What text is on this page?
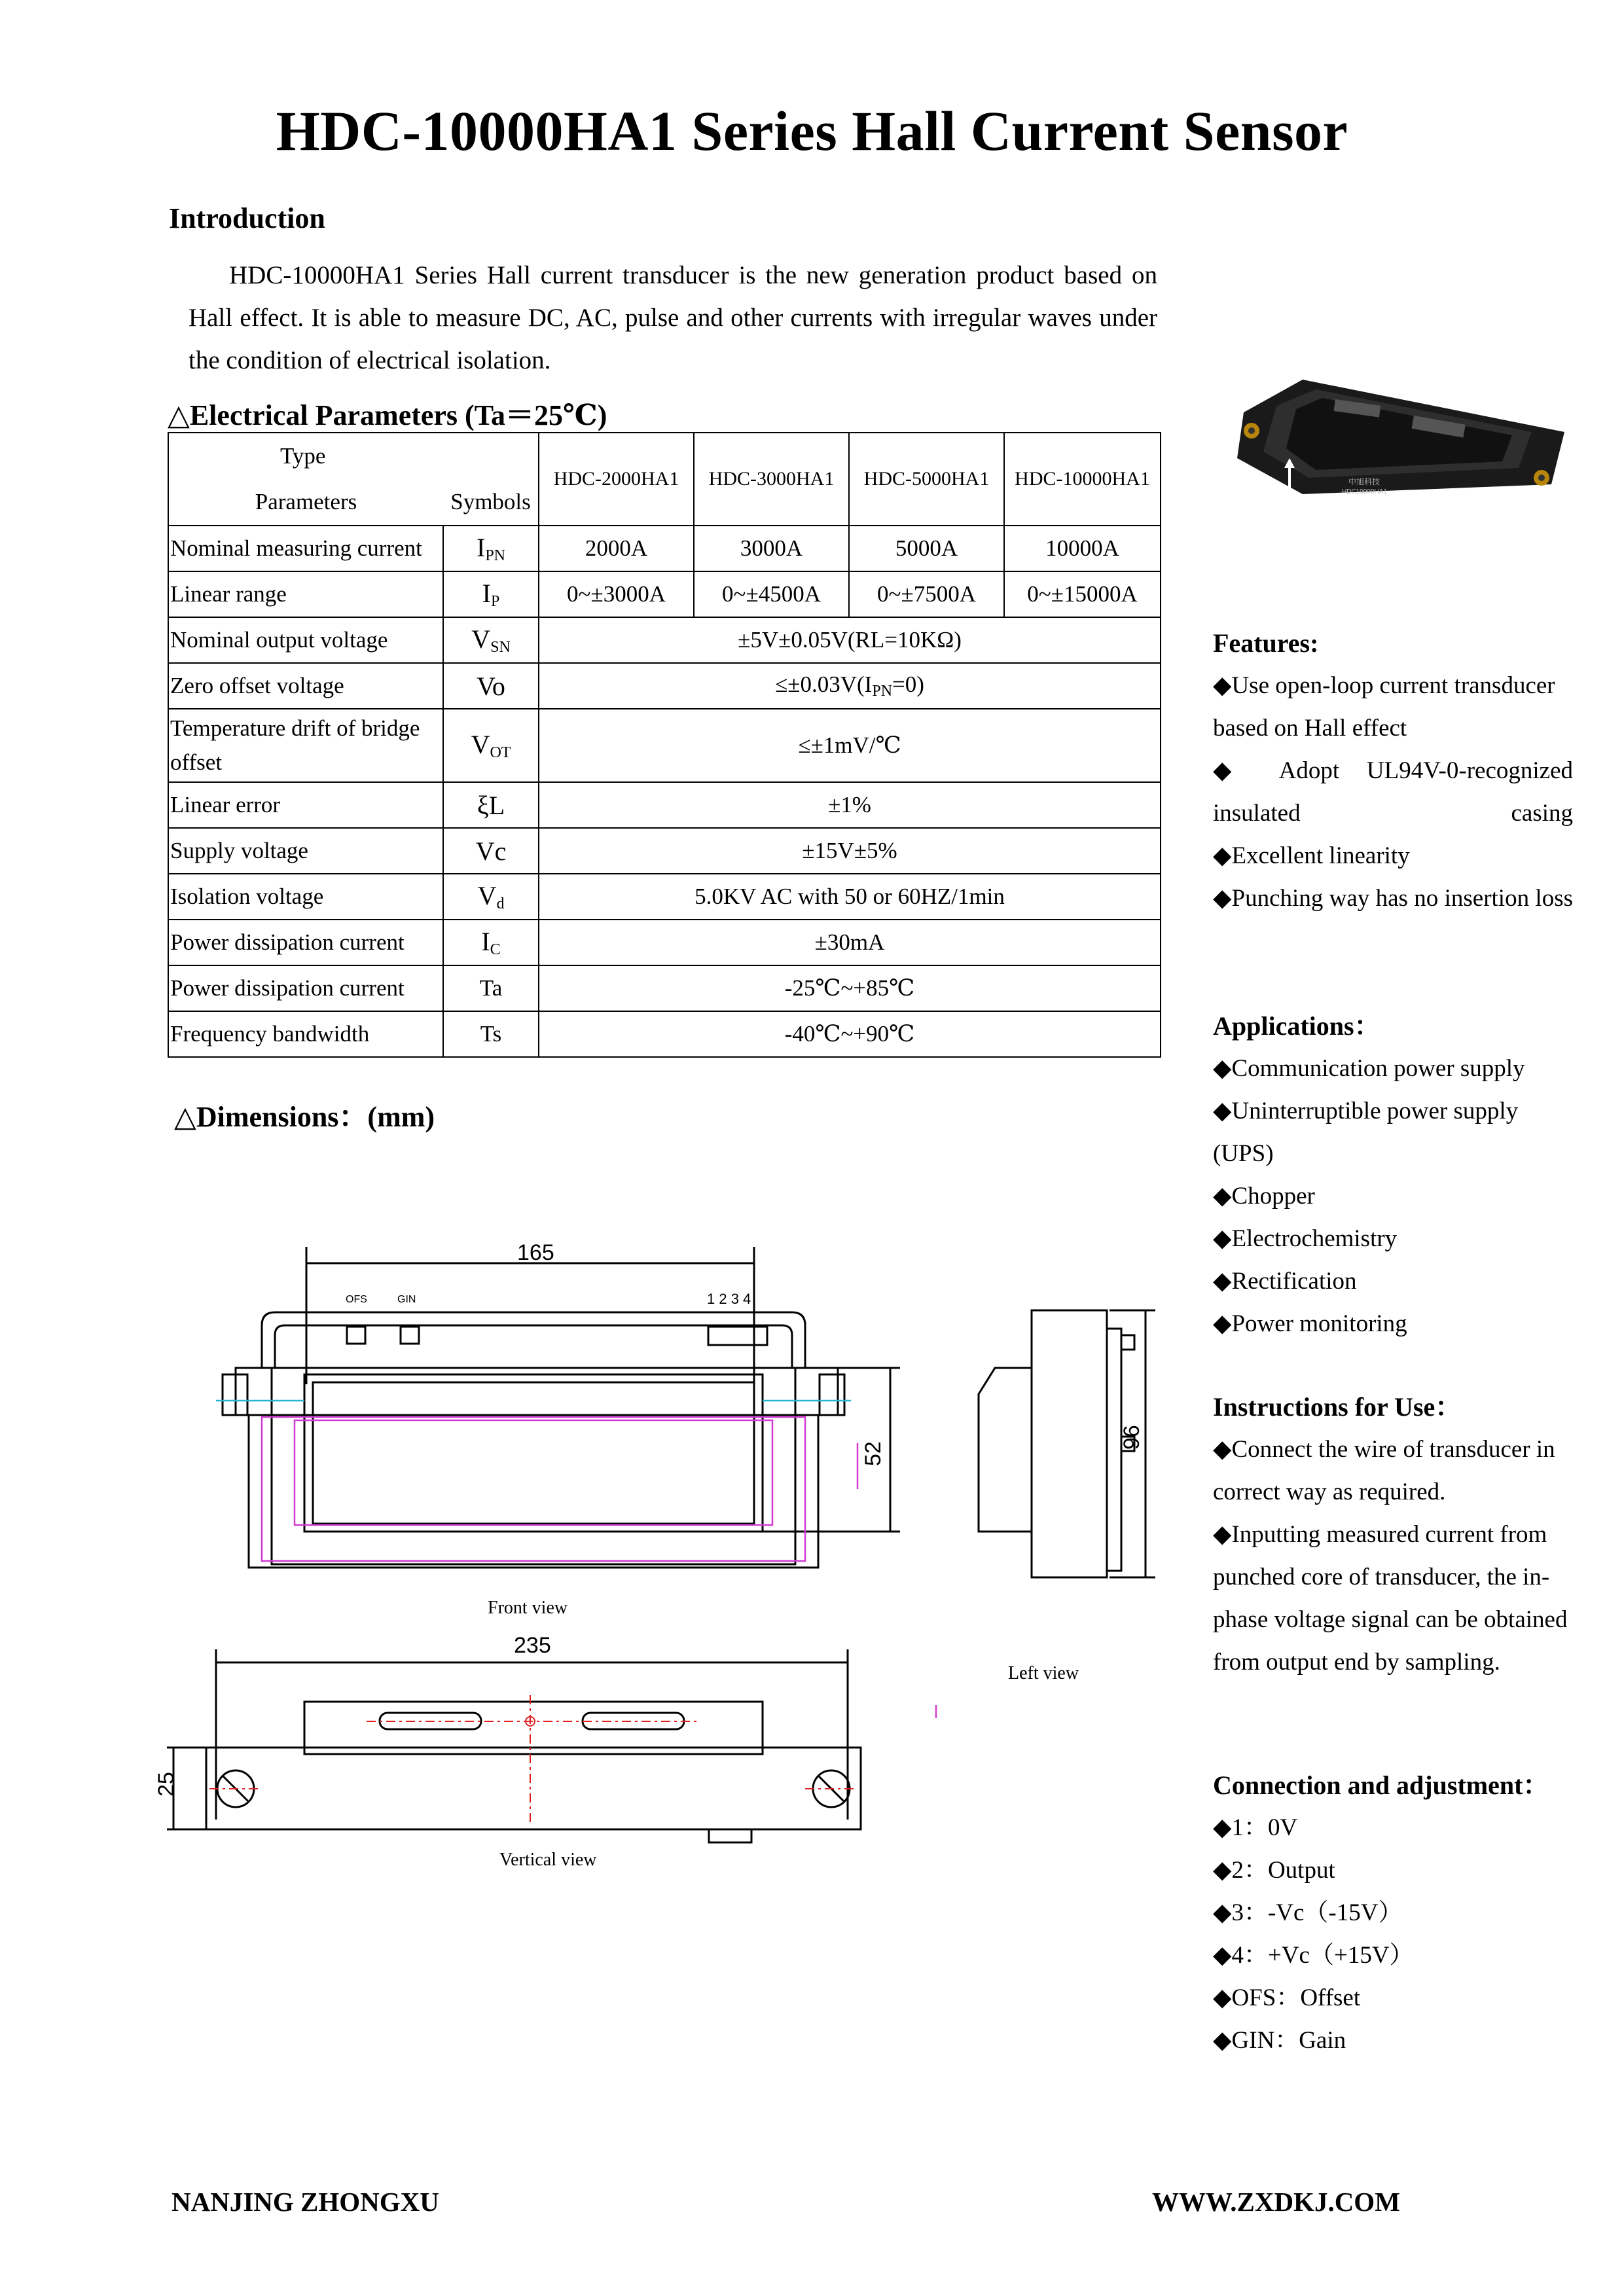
HDC-10000HA1 Series Hall Current Sensor
Introduction
HDC-10000HA1 Series Hall current transducer is the new generation product based on Hall effect. It is able to measure DC, AC, pulse and other currents with irregular waves under the condition of electrical isolation.
△Electrical Parameters (Ta＝25℃)
Type		HDC-2000HA1	HDC-3000HA1	HDC-5000HA1	HDC-10000HA1
Parameters	Symbols				
Nominal measuring current	$I_{PN}$	2000A	3000A	5000A	10000A
Linear range	$I_P$	0~±3000A	0~±4500A	0~±7500A	0~±15000A
Nominal output voltage	$V_{SN}$	±5V±0.05V(RL=10KΩ)			
Zero offset voltage	Vo	$\le\pm 0.03V(I_{PN}=0)$			
Temperature drift of bridge
offset	$V_{OT}$	≤±1mV/℃			
Linear error	ξL	±1%			
Supply voltage	Vc	±15V±5%			
Isolation voltage	$V_d$	5.0KV AC with 50 or 60HZ/1min			
Power dissipation current	$I_C$	±30mA			
Power dissipation current	Ta	-25℃~+85℃			
Frequency bandwidth	Ts	-40℃~+90℃			
△Dimensions：(mm)
中旭科技
HDC10000HA1
Features:
◆Use open-loop current transducer based on Hall effect
◆ Adopt UL94V-0-recognized insulated casing
◆Excellent linearity
◆Punching way has no insertion loss
Applications：
◆Communication power supply
◆Uninterruptible power supply (UPS)
◆Chopper
◆Electrochemistry
◆Rectification
◆Power monitoring
Instructions for Use：
◆Connect the wire of transducer in correct way as required.
◆Inputting measured current from punched core of transducer, the in-phase voltage signal can be obtained from output end by sampling.
Connection and adjustment：
◆1：0V
◆2：Output
◆3：-Vc（-15V）
◆4：+Vc（+15V）
◆OFS：Offset
◆GIN：Gain
165
52
96
235
25
OFS	GIN	1 2 3 4
Front view
Left view
Vertical view
NANJING ZHONGXU	WWW.ZXDKJ.COM
